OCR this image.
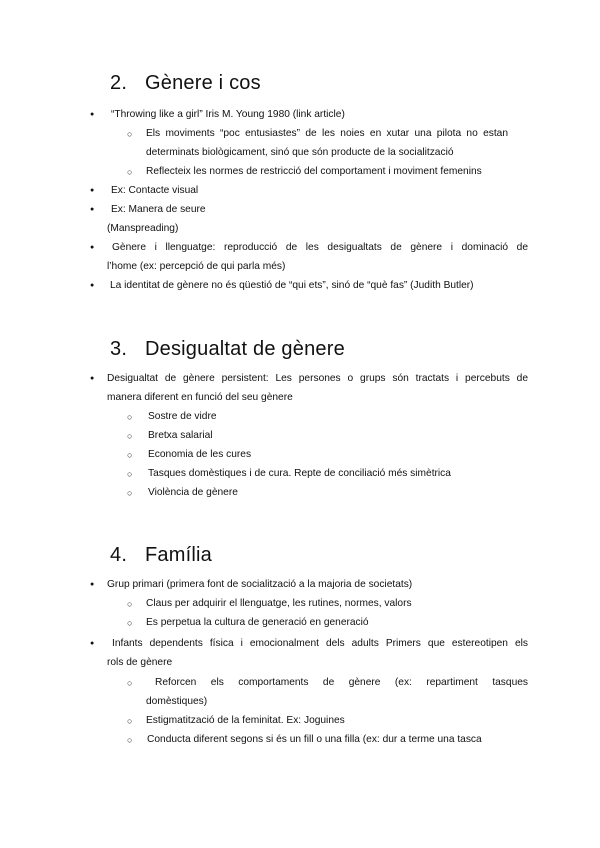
2. Gènere i cos
●

“Throwing like a girl” Iris M. Young 1980 (link article)

○

Els moviments “poc entusiastes” de les noies en xutar una pilota no estan

determinats biològicament, sinó que són producte de la socialització

○

Reflecteix les normes de restricció del comportament i moviment femenins

●

Ex: Contacte visual

●

Ex: Manera de seure

(Manspreading)

●

Gènere i llenguatge: reproducció de les desigualtats de gènere i dominació de

l’home (ex: percepció de qui parla més)

●

La identitat de gènere no és qüestió de “qui ets”, sinó de “què fas” (Judith Butler)

3. Desigualtat de gènere
●

Desigualtat de gènere persistent: Les persones o grups són tractats i percebuts de

manera diferent en funció del seu gènere

○

Sostre de vidre

○

Bretxa salarial

○

Economia de les cures

○

Tasques domèstiques i de cura. Repte de conciliació més simètrica

○

Violència de gènere

4. Família
●

Grup primari (primera font de socialització a la majoria de societats)

○

Claus per adquirir el llenguatge, les rutines, normes, valors

○

Es perpetua la cultura de generació en generació

●

Infants dependents física i emocionalment dels adults Primers que estereotipen els

rols de gènere

○

Reforcen els comportaments de gènere (ex: repartiment tasques

domèstiques)

○

Estigmatització de la feminitat. Ex: Joguines

○

Conducta diferent segons si és un fill o una filla (ex: dur a terme una tasca
